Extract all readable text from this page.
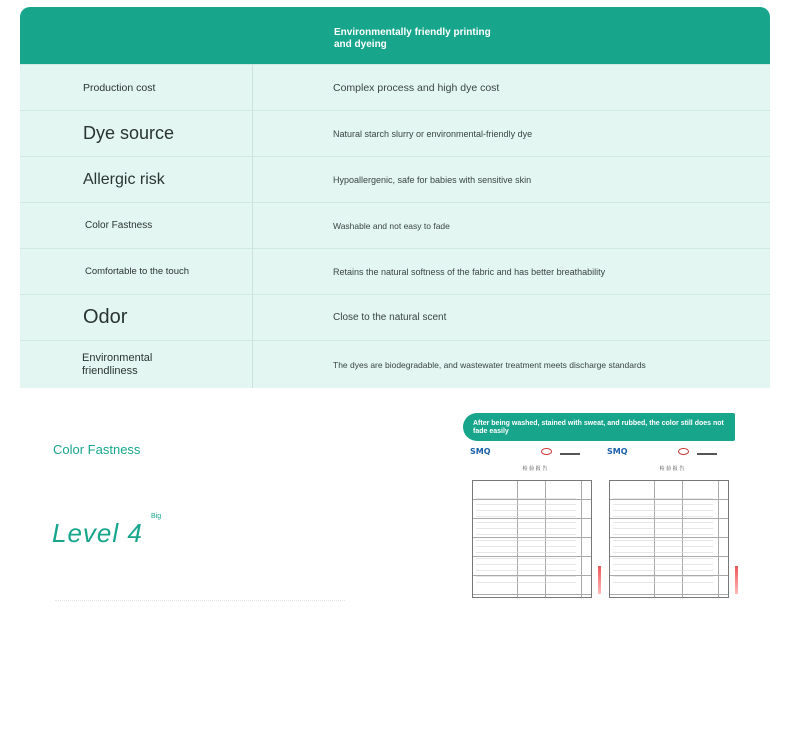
Environmentally friendly printing and dyeing
Production cost	Complex process and high dye cost
Dye source	Natural starch slurry or environmental-friendly dye
Allergic risk	Hypoallergenic, safe for babies with sensitive skin
Color Fastness	Washable and not easy to fade
Comfortable to the touch	Retains the natural softness of the fabric and has better breathability
Odor	Close to the natural scent
Environmental friendliness	The dyes are biodegradable, and wastewater treatment meets discharge standards
Color Fastness
Level 4
Big
After being washed, stained with sweat, and rubbed, the color still does not fade easily
SMQ
检 验 报 告
SMQ
检 验 报 告
